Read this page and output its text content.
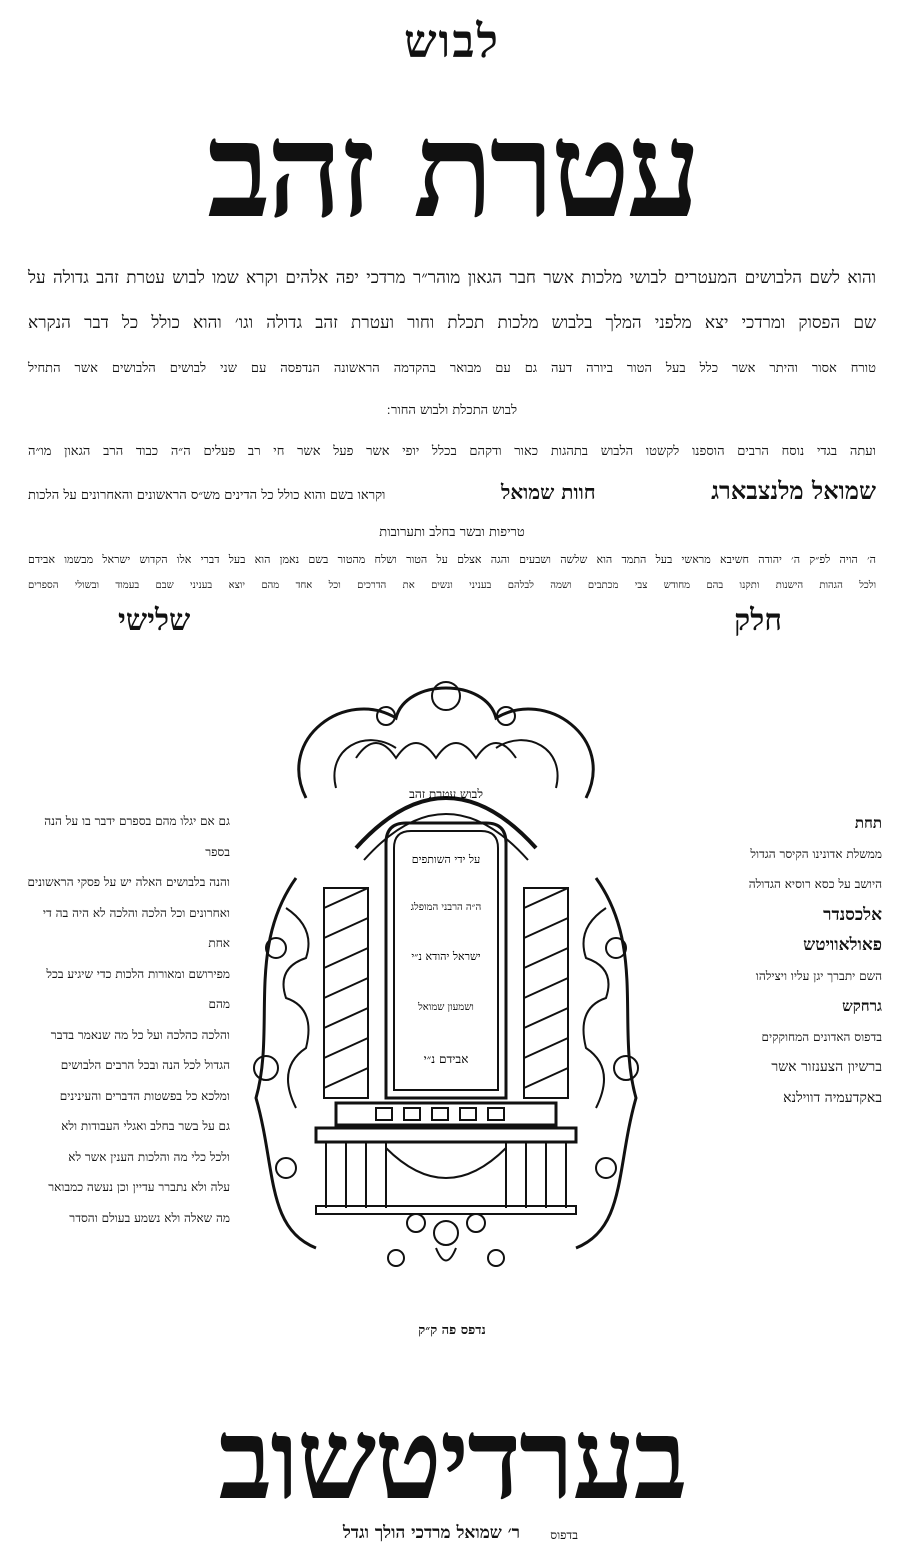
לבוש
עטרת זהב
והוא לשם הלבושים המעטרים לבושי מלכות אשר חבר הגאון מוהר״ר מרדכי יפה אלהים וקרא שמו לבוש עטרת זהב גדולה על
שם הפסוק ומרדכי יצא מלפני המלך בלבוש מלכות תכלת וחור ועטרת זהב גדולה וגו׳ והוא כולל כל דבר הנקרא
טורח אסור והיתר אשר כלל בעל הטור ביורה דעה גם עם מבואר בהקדמה הראשונה הנדפסה עם שני לבושים הלבושים אשר התחיל
לבוש התכלת ולבוש החור ׃
ועתה בגדי נוסח הרבים הוספנו לקשטו הלבוש בתהגות כאור ודקהם בכלל יופי אשר פעל אשר חי רב פעלים ה״ה כבוד הרב הגאון מו״ה
שמואל מלנצבארג
חוות שמואל
וקראו בשם והוא כולל כל הדינים מש״ס הראשונים והאחרונים על הלכות
טריפות ובשר בחלב ותערובות
ה׳ הויה לפ״ק ה׳ יהודה חשיבא מראשי בעל התמד הוא שלשה ושבעים והגה אצלם על הטור ושלח מהטור בשם נאמן הוא בעל דברי אלו הקדוש ישראל מבשמו אבידם
ולכל הגהות הישנות ותקנו בהם מחודש צבי מכתבים ושמה לבלהם בעניני ונשים את הדרכים וכל אחד מהם יוצא בעניני שבם בעמוד ובשולי הספרים
חלק
שלישי
תחת
ממשלת אדונינו הקיסר הגדול
היושב על כסא רוסיא הגדולה
אלכסנדר
פאולאוויטש
השם יתברך יגן עליו ויצילהו
גרחקש
בדפוס האדונים המחוקקים
ברשיון הצענזור אשר
באקדעמיה דווילנא
גם אם יגלו מהם בספרם ידבר בו על הנה בספר
והנה בלבושים האלה יש על פסקי הראשונים
ואחרונים וכל הלכה והלכה לא היה בה די אחת
מפירושם ומאורות הלכות כדי שיגיע בכל מהם
והלכה כהלכה ועל כל מה שנאמר בדבר
הגדול לכל הנה ובכל הרבים הלבושים
ומלכא כל בפשטות הדברים והעינינים
גם על בשר בחלב ואגלי העבודות ולא
ולכל כלי מה והלכות הענין אשר לא
עלה ולא נתברר עדיין וכן נעשה כמבואר
מה שאלה ולא נשמע בעולם והסדר
לבוש עטרת זהב
על ידי השותפים
ה״ה הרבני המופלג
ישראל יהודא נ״י
ושמעון שמואל
אבידם נ״י
נדפס פה ק״ק
בערדיטשוב
בדפוס
ר׳ שמואל מרדכי הולך וגדל
